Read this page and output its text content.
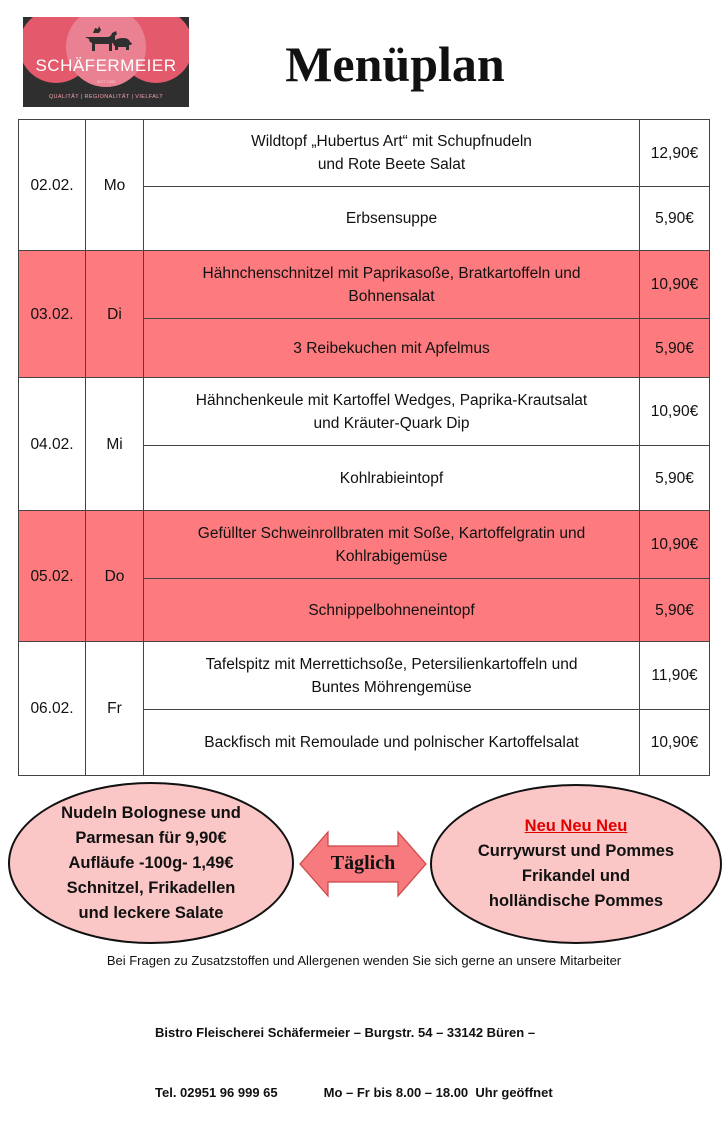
SCHÄFERMEIER
SEIT 1965
QUALITÄT | REGIONALITÄT | VIELFALT
Menüplan
02.02.	Mo	Wildtopf „Hubertus Art“ mit Schupfnudeln
und Rote Beete Salat	12,90€

		Erbsensuppe	5,90€
03.02.	Di	Hähnchenschnitzel mit Paprikasoße, Bratkartoffeln und
Bohnensalat	10,90€

		3 Reibekuchen mit Apfelmus	5,90€
04.02.	Mi	Hähnchenkeule mit Kartoffel Wedges, Paprika-Krautsalat
und Kräuter-Quark Dip	10,90€

		Kohlrabieintopf	5,90€
05.02.	Do	Gefüllter Schweinrollbraten mit Soße, Kartoffelgratin und
Kohlrabigemüse	10,90€

		Schnippelbohneneintopf	5,90€
06.02.	Fr	Tafelspitz mit Merrettichsoße, Petersilienkartoffeln und
Buntes Möhrengemüse	11,90€

		Backfisch mit Remoulade und polnischer Kartoffelsalat	10,90€
Nudeln Bolognese und
Parmesan für 9,90€
Aufläufe -100g- 1,49€
Schnitzel, Frikadellen
und leckere Salate
Täglich
Neu Neu Neu
Currywurst und Pommes
Frikandel und
holländische Pommes
Bei Fragen zu Zusatzstoffen und Allergenen wenden Sie sich gerne an unsere Mitarbeiter

Bistro Fleischerei Schäfermeier – Burgstr. 54 – 33142 Büren –

Tel. 02951 96 999 65	Mo – Fr bis 8.00 – 18.00  Uhr geöffnet
